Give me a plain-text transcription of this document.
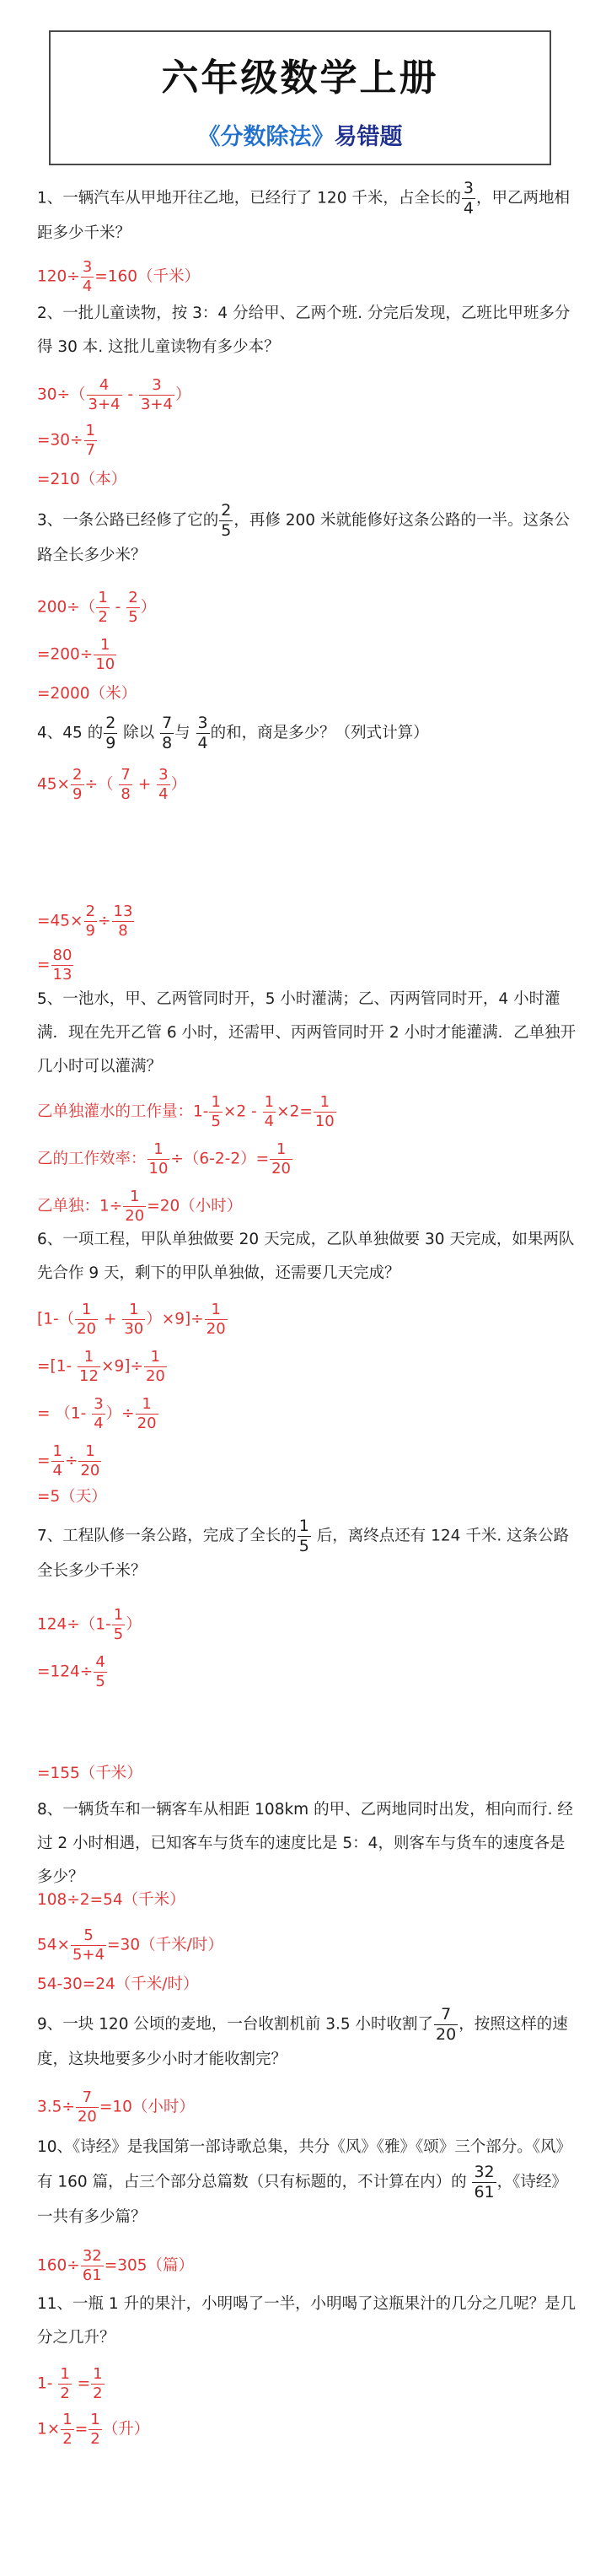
六年级数学上册
《分数除法》易错题
1、一辆汽车从甲地开往乙地，已经行了 120 千米，占全长的 $\frac{3}{4}$ ，甲乙两地相距多少千米？
$120\div \frac{3}{4} =160$（千米）
2、一批儿童读物，按 3：4 分给甲、乙两个班. 分完后发现，乙班比甲班多分得 30 本. 这批儿童读物有多少本？
$30\div( \frac{4}{3+4} - \frac{3}{3+4}$ ）
$=30\div \frac{1}{7}$
=210（本）
3、一条公路已经修了它的 $\frac{2}{5}$ ，再修 200 米就能修好这条公路的一半。这条公路全长多少米？
$200\div( \frac{1}{2} - \frac{2}{5}$ ）
$=200\div \frac{1}{10}$
=2000（米）
4、45 的 $\frac{2}{9}$ 除以 $\frac{7}{8}$ 与 $\frac{3}{4}$ 的和，商是多少？（列式计算）
$45\times \frac{2}{9}$ ÷（ $\frac{7}{8} + \frac{3}{4}$ ）
$=45\times \frac{2}{9} \div \frac{13}{8}$
= $\frac{80}{13}$
5、一池水，甲、乙两管同时开，5 小时灌满；乙、丙两管同时开，4 小时灌满．现在先开乙管 6 小时，还需甲、丙两管同时开 2 小时才能灌满．乙单独开几小时可以灌满？
乙单独灌水的工作量：$1- \frac{1}{5} \times 2 - \frac{1}{4} \times 2= \frac{1}{10}$
乙的工作效率： $\frac{1}{10} \div(6-2-2)= \frac{1}{20}$
乙单独：$1\div \frac{1}{20} =20$（小时）
6、一项工程，甲队单独做要 20 天完成，乙队单独做要 30 天完成，如果两队先合作 9 天，剩下的甲队单独做，还需要几天完成？
$[1-( \frac{1}{20} + \frac{1}{30} )\times 9]\div \frac{1}{20}$
$=[1- \frac{1}{12} \times 9]\div \frac{1}{20}$
= （$1- \frac{3}{4}$ ）÷ $\frac{1}{20}$
= $\frac{1}{4} \div \frac{1}{20}$
=5（天）
7、工程队修一条公路，完成了全长的 $\frac{1}{5}$ 后，离终点还有 124 千米. 这条公路全长多少千米？
$124\div(1- \frac{1}{5}$ ）
$=124\div \frac{4}{5}$
=155（千米）
8、一辆货车和一辆客车从相距 108km 的甲、乙两地同时出发，相向而行. 经过 2 小时相遇，已知客车与货车的速度比是 5：4，则客车与货车的速度各是多少？
108÷2=54（千米）
$54\times \frac{5}{5+4} =30$（千米/时）
54-30=24（千米/时）
9、一块 120 公顷的麦地，一台收割机前 3.5 小时收割了 $\frac{7}{20}$ ，按照这样的速度，这块地要多少小时才能收割完？
$3.5\div \frac{7}{20} =10$（小时）
10、《诗经》是我国第一部诗歌总集，共分《风》《雅》《颂》三个部分。《风》有 160 篇，占三个部分总篇数（只有标题的，不计算在内）的 $\frac{32}{61}$ ，《诗经》一共有多少篇？
$160\div \frac{32}{61} =305$（篇）
11、一瓶 1 升的果汁，小明喝了一半，小明喝了这瓶果汁的几分之几呢？是几分之几升？
$1- \frac{1}{2} = \frac{1}{2}$
$1\times \frac{1}{2} = \frac{1}{2}$ （升）
